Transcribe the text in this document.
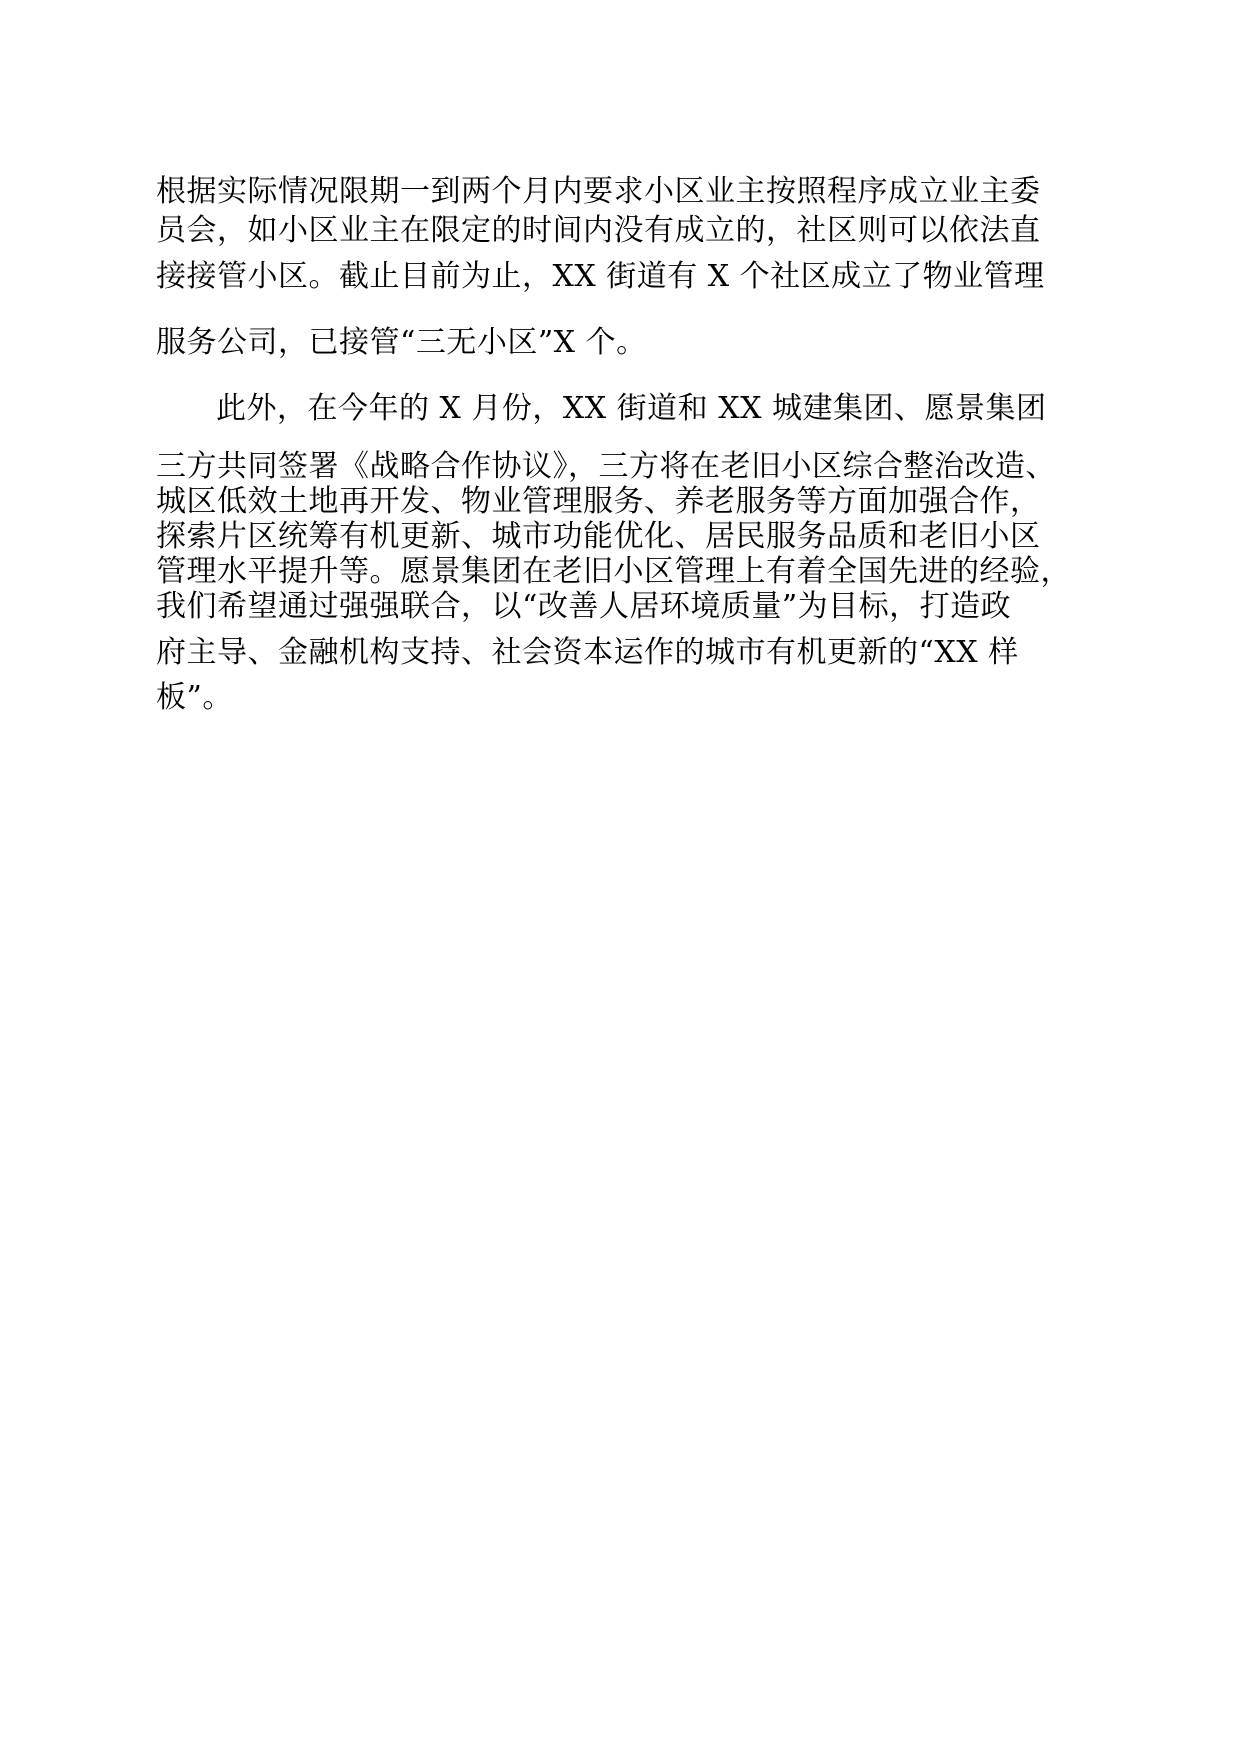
根据实际情况限期一到两个月内要求小区业主按照程序成立业主委
员会，如小区业主在限定的时间内没有成立的，社区则可以依法直
接接管小区。截止目前为止，XX 街道有 X 个社区成立了物业管理
服务公司，已接管“三无小区”X 个。
此外，在今年的 X 月份，XX 街道和 XX 城建集团、愿景集团
三方共同签署《战略合作协议》，三方将在老旧小区综合整治改造、
城区低效土地再开发、物业管理服务、养老服务等方面加强合作，
探索片区统筹有机更新、城市功能优化、居民服务品质和老旧小区
管理水平提升等。愿景集团在老旧小区管理上有着全国先进的经验，
我们希望通过强强联合，以“改善人居环境质量”为目标，打造政
府主导、金融机构支持、社会资本运作的城市有机更新的“XX 样
板”。
